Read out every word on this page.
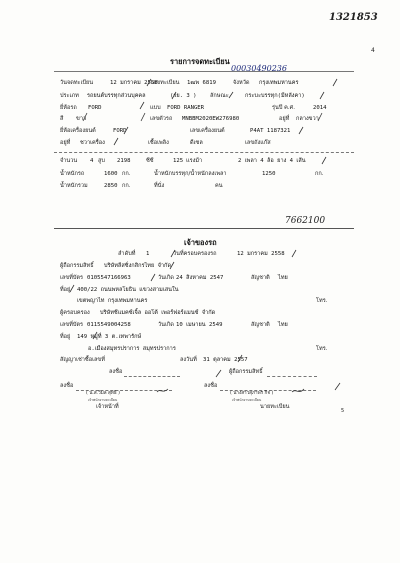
1321853
4
00030490236
รายการจดทะเบียน
วันจดทะเบียน	12 มกราคม 2558
เลขทะเบียน 1ฒพ 6819	จังหวัด กรุงเทพมหานคร
ประเภท รถยนต์บรรทุกส่วนบุคคล	(รย. 3 ) ลักษณะ	กระบะบรรทุก(มีหลังคา)
ยี่ห้อรถ FORD	แบบ FORD RANGER	รุ่นปี ค.ศ.	2014
สี ขาว	เลขตัวรถ MNBBM2020EW276980	อยู่ที่ กลางขวา
ยี่ห้อเครื่องยนต์	FORD	เลขเครื่องยนต์	P4AT 1187321
อยู่ที่ ชวาเครื่อง	เชื้อเพลิง	ดีเซล	เลขถังแก๊ส
จำนวน 4 สูบ 2198	ซีซี	125 แรงม้า	2 เพลา 4 ล้อ ยาง 4 เส้น
น้ำหนักรถ	1600 กก.	น้ำหนักบรรทุก/น้ำหนักลงเพลา	1250	กก.
น้ำหนักรวม	2850 กก.	ที่นั่ง	คน
7662100
เจ้าของรถ
ลำดับที่ 1	วันที่ครอบครองรถ	12 มกราคม 2558
ผู้ถือกรรมสิทธิ์ บริษัทลีสซิ่งกสิกรไทย จำกัด
เลขที่บัตร 0105547166963	วันเกิด 24 สิงหาคม 2547	สัญชาติ ไทย
ที่อยู่ 400/22 ถนนพหลโยธิน แขวงสามเสนใน
เขตพญาไท กรุงเทพมหานคร	โทร.
ผู้ครอบครอง บริษัทชีแมคซ์เจิ้ล ออโต้ เพอร์ฟอร์แมนซ์ จำกัด
เลขที่บัตร 0115549004258	วันเกิด 10 เมษายน 2549	สัญชาติ ไทย
ที่อยู่ 149 หมู่ที่ 3 ต.เทพารักษ์
อ.เมืองสมุทรปราการ สมุทรปราการ	โทร.
สัญญาเช่าซื้อเลขที่	ลงวันที่ 31 ตุลาคม 2557
ลงชื่อ	ผู้ถือกรรมสิทธิ์
ลงชื่อ	ลงชื่อ
( น.ส.วิมล สุทธิ )
เจ้าพนักงานทะเบียน
เจ้าหน้าที่
( นางสาวสุภาพร กิจ )
เจ้าพนักงานทะเบียน
นายทะเบียน
5
